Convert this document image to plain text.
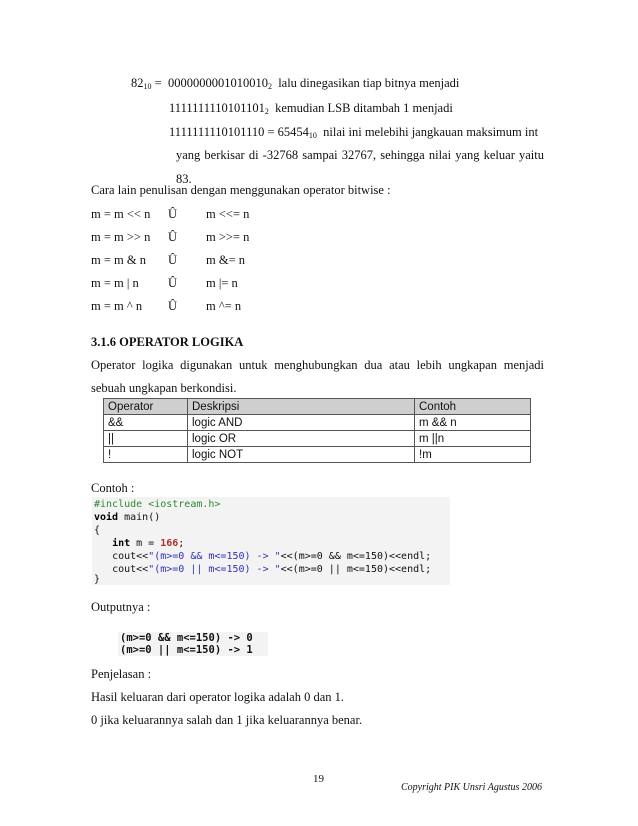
$82_{10} = 0000000001010010_2$  lalu dinegasikan tiap bitnya menjadi
$1111111110101101_2$  kemudian LSB ditambah 1 menjadi
$1111111110101110 = 65454_{10}$  nilai ini melebihi jangkauan maksimum int
yang berkisar di -32768 sampai 32767, sehingga nilai yang keluar yaitu
83.
Cara lain penulisan dengan menggunakan operator bitwise :
m = m << n Û m <<= n
m = m >> n Û m >>= n
m = m & n Û m &= n
m = m | n Û m |= n
m = m ^ n Û m ^= n
3.1.6 OPERATOR LOGIKA
Operator logika digunakan untuk menghubungkan dua atau lebih ungkapan menjadi
sebuah ungkapan berkondisi.
Operator	Deskripsi	Contoh
&&	logic AND	m && n
||	logic OR	m ||n
!	logic NOT	!m
Contoh :
#include <iostream.h>
void main()
{
int m = 166;
cout<<"(m>=0 && m<=150) -> "<<(m>=0 && m<=150)<<endl;
cout<<"(m>=0 || m<=150) -> "<<(m>=0 || m<=150)<<endl;
}
Outputnya :
(m>=0 && m<=150) -> 0
(m>=0 || m<=150) -> 1
Penjelasan :
Hasil keluaran dari operator logika adalah 0 dan 1.
0 jika keluarannya salah dan 1 jika keluarannya benar.
19
Copyright PIK Unsri Agustus 2006
